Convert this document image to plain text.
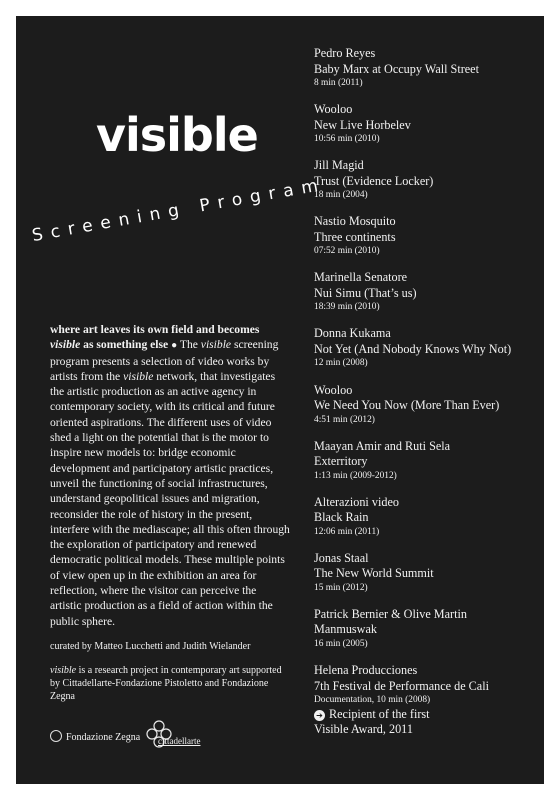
visible
Screening Program

where art leaves its own field and becomes visible as something else ● The visible screening program presents a selection of video works by artists from the visible network, that investigates the artistic production as an active agency in contemporary society, with its critical and future oriented aspirations. The different uses of video shed a light on the potential that is the motor to inspire new models to: bridge economic development and participatory artistic practices, unveil the functioning of social infrastructures, understand geopolitical issues and migration, reconsider the role of history in the present, interfere with the mediascape; all this often through the exploration of participatory and renewed democratic political models. These multiple points of view open up in the exhibition an area for reflection, where the visitor can perceive the artistic production as a field of action within the public sphere.

curated by Matteo Lucchetti and Judith Wielander

visible is a research project in contemporary art supported by Cittadellarte-Fondazione Pistoletto and Fondazione Zegna

Fondazione Zegna cittadellarte
Pedro Reyes
Baby Marx at Occupy Wall Street
8 min (2011)
Wooloo
New Live Horbelev
10:56 min (2010)
Jill Magid
Trust (Evidence Locker)
18 min (2004)
Nastio Mosquito
Three continents
07:52 min (2010)
Marinella Senatore
Nui Simu (That’s us)
18:39 min (2010)
Donna Kukama
Not Yet (And Nobody Knows Why Not)
12 min (2008)
Wooloo
We Need You Now (More Than Ever)
4:51 min (2012)
Maayan Amir and Ruti Sela
Exterritory
1:13 min (2009-2012)
Alterazioni video
Black Rain
12:06 min (2011)
Jonas Staal
The New World Summit
15 min (2012)
Patrick Bernier & Olive Martin
Manmuswak
16 min (2005)
Helena Producciones
7th Festival de Performance de Cali
Documentation, 10 min (2008)
➔ Recipient of the first
Visible Award, 2011
